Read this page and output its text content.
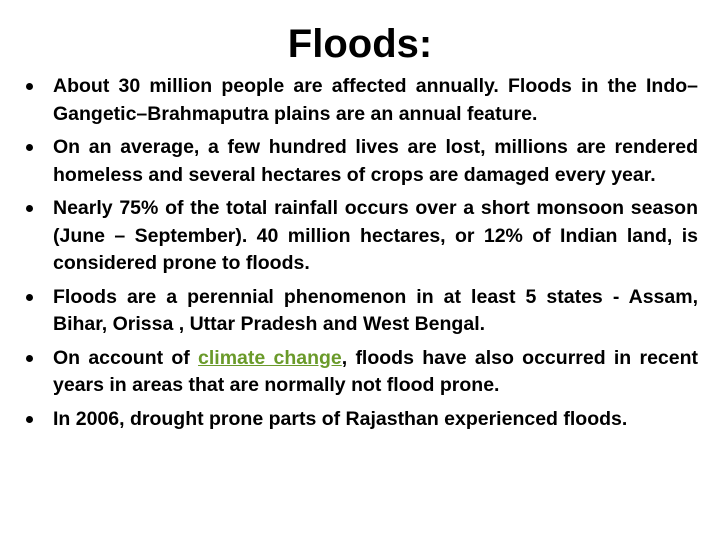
Floods:
About 30 million people are affected annually. Floods in the Indo–Gangetic–Brahmaputra plains are an annual feature.
On an average, a few hundred lives are lost, millions are rendered homeless and several hectares of crops are damaged every year.
Nearly 75% of the total rainfall occurs over a short monsoon season (June – September). 40 million hectares, or 12% of Indian land, is considered prone to floods.
Floods are a perennial phenomenon in at least 5 states - Assam, Bihar, Orissa , Uttar Pradesh and West Bengal.
On account of climate change, floods have also occurred in recent years in areas that are normally not flood prone.
In 2006, drought prone parts of Rajasthan experienced floods.
